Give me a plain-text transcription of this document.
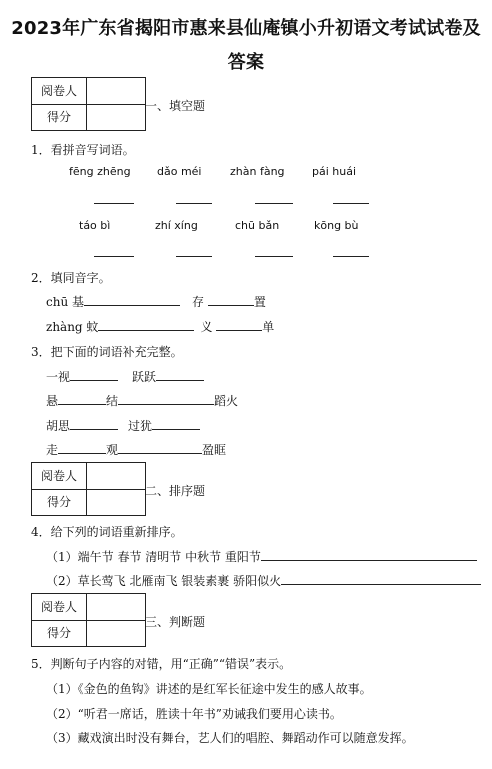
2023年广东省揭阳市惠来县仙庵镇小升初语文考试试卷及
答案
阅卷人
得分
一、填空题
1．看拼音写词语。
fēng zhēng dǎo méi	zhàn fàng pái huái
táo bì	zhí xíng	chū bǎn	kōng bù
2．填同音字。
chū 基	存	置
zhàng 蚊	义	单
3．把下面的词语补充完整。
一视	跃跃
悬	结	蹈火
胡思	过犹
走	观	盈眶
阅卷人
得分
二、排序题
4．给下列的词语重新排序。
（1）端午节 春节 清明节 中秋节 重阳节
（2）草长莺飞 北雁南飞 银装素裹 骄阳似火
阅卷人
得分
三、判断题
5．判断句子内容的对错，用“正确”“错误”表示。
（1）《金色的鱼钩》讲述的是红军长征途中发生的感人故事。
（2）“听君一席话，胜读十年书”劝诫我们要用心读书。
（3）藏戏演出时没有舞台，艺人们的唱腔、舞蹈动作可以随意发挥。
